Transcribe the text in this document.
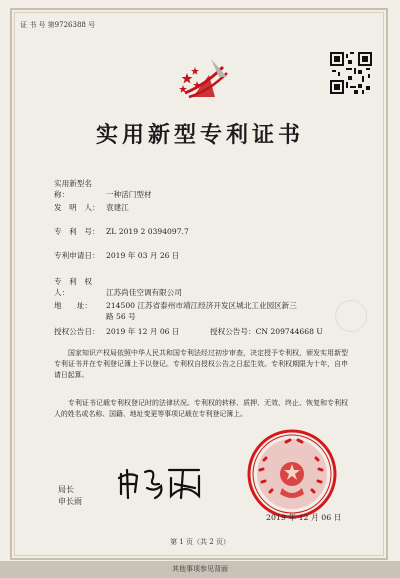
证 书 号 第9726388 号
实用新型专利证书
实用新型名称：	一种活门型材
发　明　人： 袁建江
专　利　号： ZL 2019 2 0394097.7
专利申请日： 2019 年 03 月 26 日
专　利　权　人：	江苏尚佳空调有限公司
地　　址： 214500 江苏省泰州市靖江经济开发区城北工业园区新三
路 56 号
授权公告日： 2019 年 12 月 06 日	授权公告号：CN 209744668 U
国家知识产权局依照中华人民共和国专利法经过初步审查，决定授予专利权，颁发实用新型专利证书并在专利登记簿上予以登记。专利权自授权公告之日起生效。专利权期限为十年，自申请日起算。
专利证书记载专利权登记时的法律状况。专利权的转移、质押、无效、终止、恢复和专利权人的姓名或名称、国籍、地址变更等事项记载在专利登记簿上。
局长
申长雨
2019 年 12 月 06 日
第 1 页（共 2 页）
其他事项参见背面
